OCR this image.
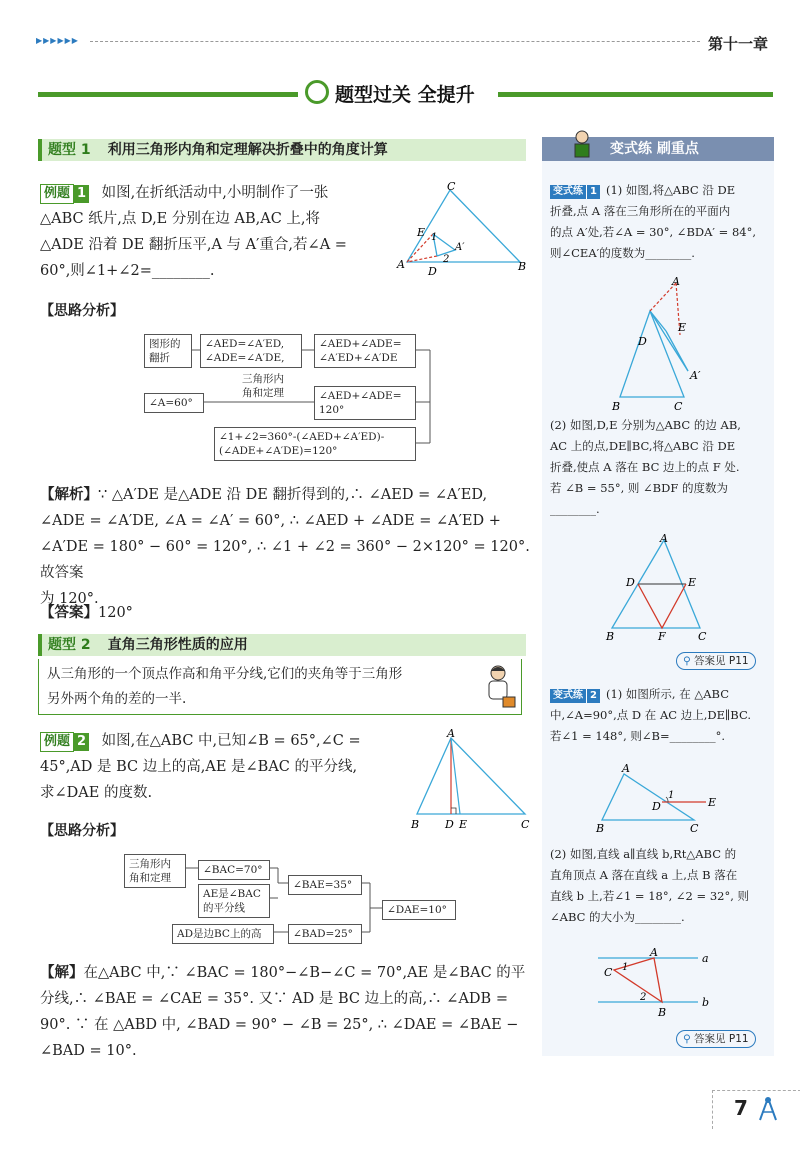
▶▶▶▶▶▶	第十一章
题型过关 全提升
题型 1 利用三角形内角和定理解决折叠中的角度计算
例题 1 如图,在折纸活动中,小明制作了一张
△ABC 纸片,点 D,E 分别在边 AB,AC 上,将
△ADE 沿着 DE 翻折压平,A 与 A′重合,若∠A =
60°,则∠1+∠2=________.
C
E 1
A′
2
D
A	B
【思路分析】
图形的
翻折
∠AED=∠A′ED,
∠ADE=∠A′DE,
∠AED+∠ADE=
∠A′ED+∠A′DE
三角形内
角和定理
∠A=60°
∠AED+∠ADE=
120°
∠1+∠2=360°-(∠AED+∠A′ED)-
(∠ADE+∠A′DE)=120°
【解析】∵ △A′DE 是△ADE 沿 DE 翻折得到的,∴ ∠AED = ∠A′ED,
∠ADE = ∠A′DE, ∠A = ∠A′ = 60°, ∴ ∠AED + ∠ADE = ∠A′ED +
∠A′DE = 180° − 60° = 120°, ∴ ∠1 + ∠2 = 360° − 2×120° = 120°. 故答案
为 120°.
【答案】120°
题型 2 直角三角形性质的应用
从三角形的一个顶点作高和角平分线,它们的夹角等于三角形
另外两个角的差的一半.
例题 2 如图,在△ABC 中,已知∠B = 65°,∠C =
45°,AD 是 BC 边上的高,AE 是∠BAC 的平分线,
求∠DAE 的度数.
A
B D E	C
【思路分析】
三角形内
角和定理
∠BAC=70°
AE是∠BAC
的平分线
∠BAE=35°
∠DAE=10°
AD是边BC上的高	∠BAD=25°
【解】在△ABC 中,∵ ∠BAC = 180°−∠B−∠C = 70°,AE 是∠BAC 的平
分线,∴ ∠BAE = ∠CAE = 35°. 又∵ AD 是 BC 边上的高,∴ ∠ADB =
90°. ∵ 在 △ABD 中, ∠BAD = 90° − ∠B = 25°, ∴ ∠DAE = ∠BAE −
∠BAD = 10°.
变式练 刷重点
变式练 1 (1) 如图,将△ABC 沿 DE
折叠,点 A 落在三角形所在的平面内
的点 A′处,若∠A = 30°, ∠BDA′ = 84°,
则∠CEA′的度数为________.
A
D
E
A′
B	C
(2) 如图,D,E 分别为△ABC 的边 AB,
AC 上的点,DE∥BC,将△ABC 沿 DE
折叠,使点 A 落在 BC 边上的点 F 处.
若 ∠B = 55°, 则 ∠BDF 的度数为
________.
A
D	E
B	F	C
⚲ 答案见 P11
变式练 2 (1) 如图所示, 在 △ABC
中,∠A=90°,点 D 在 AC 边上,DE∥BC.
若∠1 = 148°, 则∠B=________°.
A
D
1
E
B	C
(2) 如图,直线 a∥直线 b,Rt△ABC 的
直角顶点 A 落在直线 a 上,点 B 落在
直线 b 上,若∠1 = 18°, ∠2 = 32°, 则
∠ABC 的大小为________.
A	a
b
C 1
2
B
⚲ 答案见 P11
7
